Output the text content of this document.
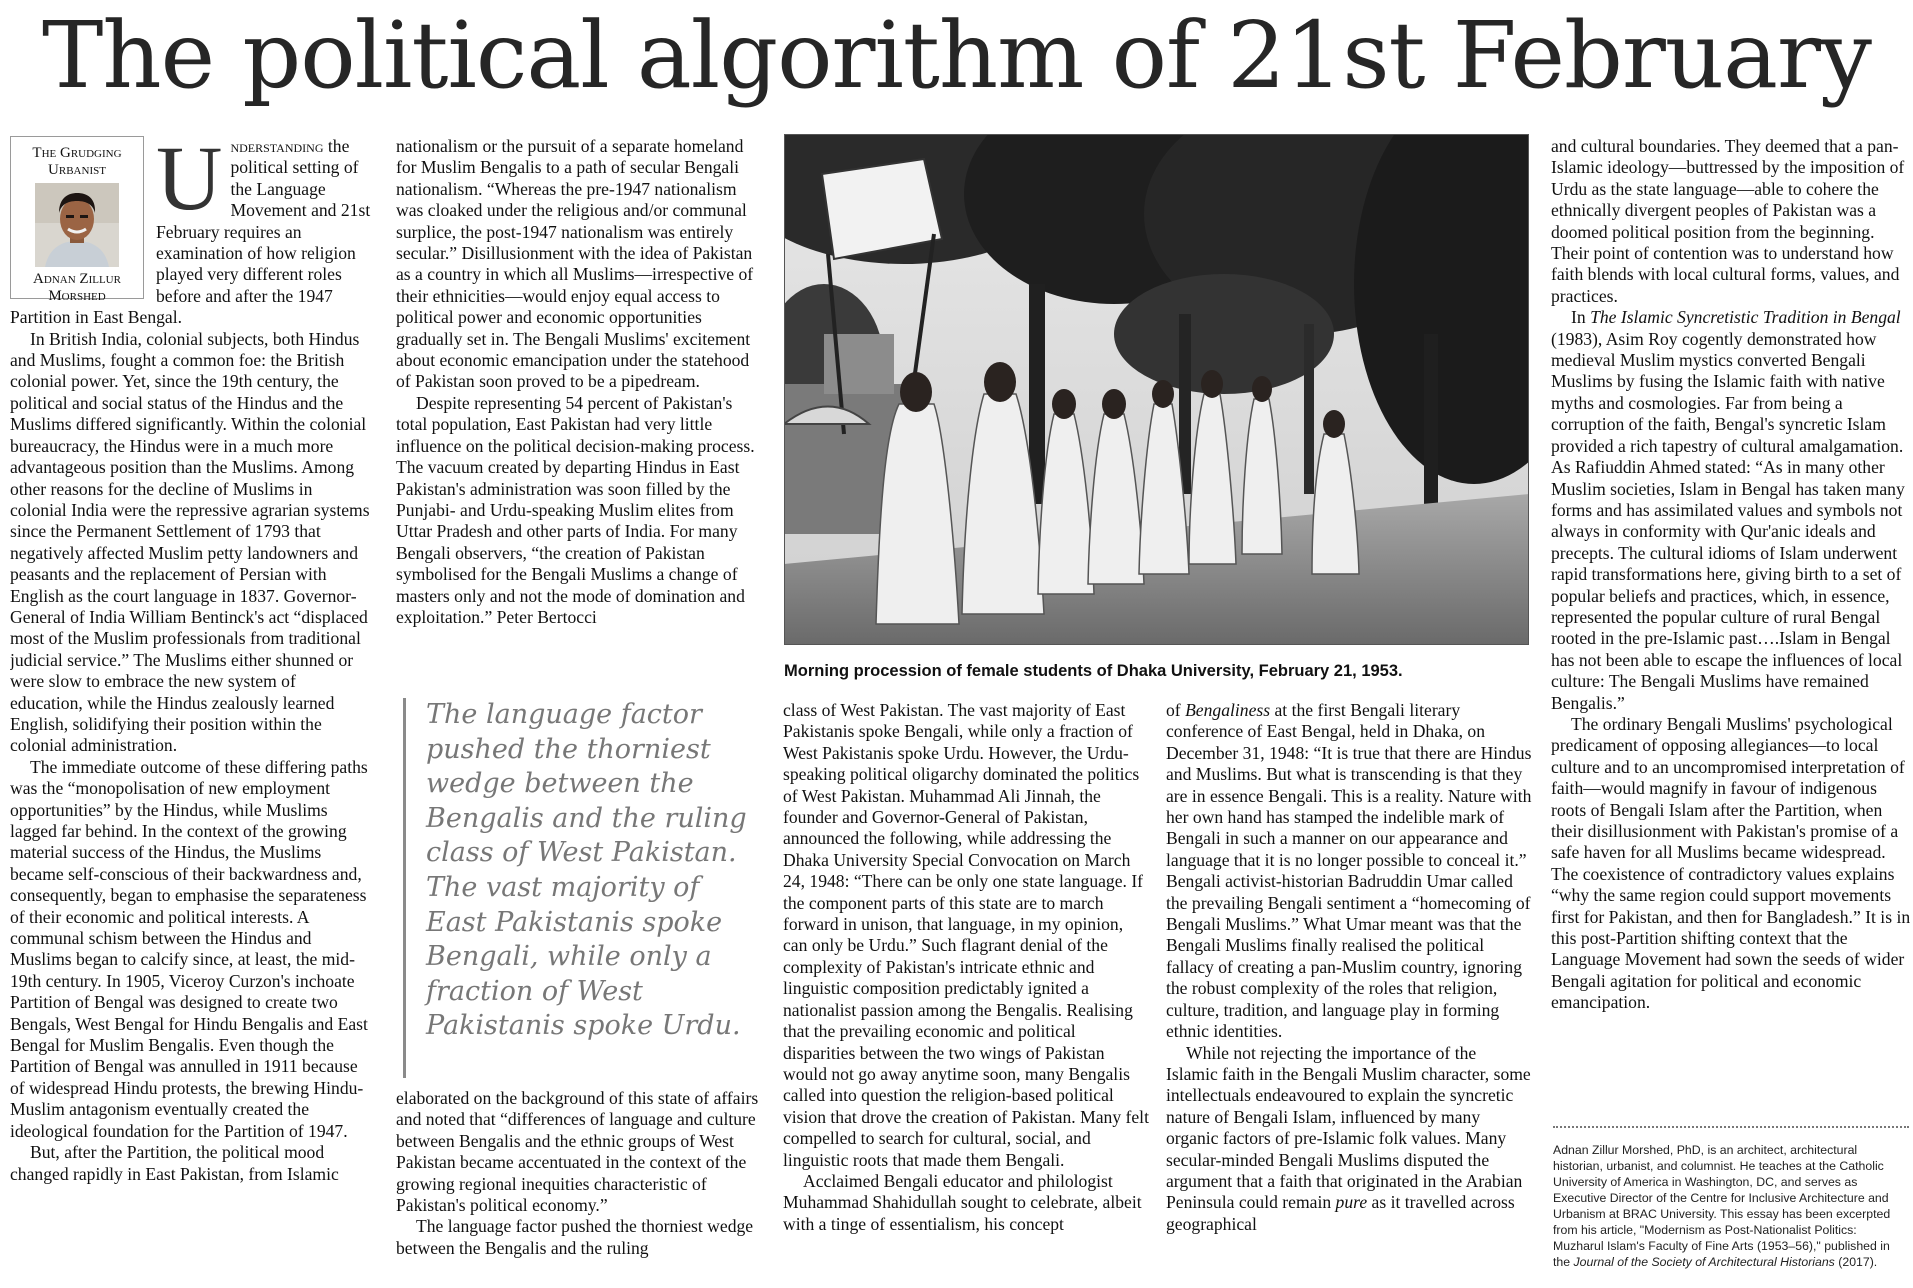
The political algorithm of 21st February
The Grudging
Urbanist
Adnan Zillur
Morshed
U nderstanding the political setting of the Language Movement and 21st February requires an examination of how religion played very different roles before and after the 1947 Partition in East Bengal.

In British India, colonial subjects, both Hindus and Muslims, fought a common foe: the British colonial power. Yet, since the 19th century, the political and social status of the Hindus and the Muslims differed significantly. Within the colonial bureaucracy, the Hindus were in a much more advantageous position than the Muslims. Among other reasons for the decline of Muslims in colonial India were the repressive agrarian systems since the Permanent Settlement of 1793 that negatively affected Muslim petty landowners and peasants and the replacement of Persian with English as the court language in 1837. Governor-General of India William Bentinck's act “displaced most of the Muslim professionals from traditional judicial service.” The Muslims either shunned or were slow to embrace the new system of education, while the Hindus zealously learned English, solidifying their position within the colonial administration.

The immediate outcome of these differing paths was the “monopolisation of new employment opportunities” by the Hindus, while Muslims lagged far behind. In the context of the growing material success of the Hindus, the Muslims became self-conscious of their backwardness and, consequently, began to emphasise the separateness of their economic and political interests. A communal schism between the Hindus and Muslims began to calcify since, at least, the mid-19th century. In 1905, Viceroy Curzon's inchoate Partition of Bengal was designed to create two Bengals, West Bengal for Hindu Bengalis and East Bengal for Muslim Bengalis. Even though the Partition of Bengal was annulled in 1911 because of widespread Hindu protests, the brewing Hindu-Muslim antagonism eventually created the ideological foundation for the Partition of 1947.

But, after the Partition, the political mood changed rapidly in East Pakistan, from Islamic

nationalism or the pursuit of a separate homeland for Muslim Bengalis to a path of secular Bengali nationalism. “Whereas the pre-1947 nationalism was cloaked under the religious and/or communal surplice, the post-1947 nationalism was entirely secular.” Disillusionment with the idea of Pakistan as a country in which all Muslims—irrespective of their ethnicities—would enjoy equal access to political power and economic opportunities gradually set in. The Bengali Muslims' excitement about economic emancipation under the statehood of Pakistan soon proved to be a pipedream.

Despite representing 54 percent of Pakistan's total population, East Pakistan had very little influence on the political decision-making process. The vacuum created by departing Hindus in East Pakistan's administration was soon filled by the Punjabi- and Urdu-speaking Muslim elites from Uttar Pradesh and other parts of India. For many Bengali observers, “the creation of Pakistan symbolised for the Bengali Muslims a change of masters only and not the mode of domination and exploitation.” Peter Bertocci

The language factor pushed the thorniest wedge between the Bengalis and the ruling class of West Pakistan. The vast majority of East Pakistanis spoke Bengali, while only a fraction of West Pakistanis spoke Urdu.

elaborated on the background of this state of affairs and noted that “differences of language and culture between Bengalis and the ethnic groups of West Pakistan became accentuated in the context of the growing regional inequities characteristic of Pakistan's political economy.”

The language factor pushed the thorniest wedge between the Bengalis and the ruling

Morning procession of female students of Dhaka University, February 21, 1953.

class of West Pakistan. The vast majority of East Pakistanis spoke Bengali, while only a fraction of West Pakistanis spoke Urdu. However, the Urdu-speaking political oligarchy dominated the politics of West Pakistan. Muhammad Ali Jinnah, the founder and Governor-General of Pakistan, announced the following, while addressing the Dhaka University Special Convocation on March 24, 1948: “There can be only one state language. If the component parts of this state are to march forward in unison, that language, in my opinion, can only be Urdu.” Such flagrant denial of the complexity of Pakistan's intricate ethnic and linguistic composition predictably ignited a nationalist passion among the Bengalis. Realising that the prevailing economic and political disparities between the two wings of Pakistan would not go away anytime soon, many Bengalis called into question the religion-based political vision that drove the creation of Pakistan. Many felt compelled to search for cultural, social, and linguistic roots that made them Bengali.

Acclaimed Bengali educator and philologist Muhammad Shahidullah sought to celebrate, albeit with a tinge of essentialism, his concept

of Bengaliness at the first Bengali literary conference of East Bengal, held in Dhaka, on December 31, 1948: “It is true that there are Hindus and Muslims. But what is transcending is that they are in essence Bengali. This is a reality. Nature with her own hand has stamped the indelible mark of Bengali in such a manner on our appearance and language that it is no longer possible to conceal it.” Bengali activist-historian Badruddin Umar called the prevailing Bengali sentiment a “homecoming of Bengali Muslims.” What Umar meant was that the Bengali Muslims finally realised the political fallacy of creating a pan-Muslim country, ignoring the robust complexity of the roles that religion, culture, tradition, and language play in forming ethnic identities.

While not rejecting the importance of the Islamic faith in the Bengali Muslim character, some intellectuals endeavoured to explain the syncretic nature of Bengali Islam, influenced by many organic factors of pre-Islamic folk values. Many secular-minded Bengali Muslims disputed the argument that a faith that originated in the Arabian Peninsula could remain pure as it travelled across geographical

and cultural boundaries. They deemed that a pan-Islamic ideology—buttressed by the imposition of Urdu as the state language—able to cohere the ethnically divergent peoples of Pakistan was a doomed political position from the beginning. Their point of contention was to understand how faith blends with local cultural forms, values, and practices.

In The Islamic Syncretistic Tradition in Bengal (1983), Asim Roy cogently demonstrated how medieval Muslim mystics converted Bengali Muslims by fusing the Islamic faith with native myths and cosmologies. Far from being a corruption of the faith, Bengal's syncretic Islam provided a rich tapestry of cultural amalgamation. As Rafiuddin Ahmed stated: “As in many other Muslim societies, Islam in Bengal has taken many forms and has assimilated values and symbols not always in conformity with Qur'anic ideals and precepts. The cultural idioms of Islam underwent rapid transformations here, giving birth to a set of popular beliefs and practices, which, in essence, represented the popular culture of rural Bengal rooted in the pre-Islamic past….Islam in Bengal has not been able to escape the influences of local culture: The Bengali Muslims have remained Bengalis.”

The ordinary Bengali Muslims' psychological predicament of opposing allegiances—to local culture and to an uncompromised interpretation of faith—would magnify in favour of indigenous roots of Bengali Islam after the Partition, when their disillusionment with Pakistan's promise of a safe haven for all Muslims became widespread. The coexistence of contradictory values explains “why the same region could support movements first for Pakistan, and then for Bangladesh.” It is in this post-Partition shifting context that the Language Movement had sown the seeds of wider Bengali agitation for political and economic emancipation.

Adnan Zillur Morshed, PhD, is an architect, architectural historian, urbanist, and columnist. He teaches at the Catholic University of America in Washington, DC, and serves as Executive Director of the Centre for Inclusive Architecture and Urbanism at BRAC University. This essay has been excerpted from his article, "Modernism as Post-Nationalist Politics: Muzharul Islam's Faculty of Fine Arts (1953–56)," published in the Journal of the Society of Architectural Historians (2017).
